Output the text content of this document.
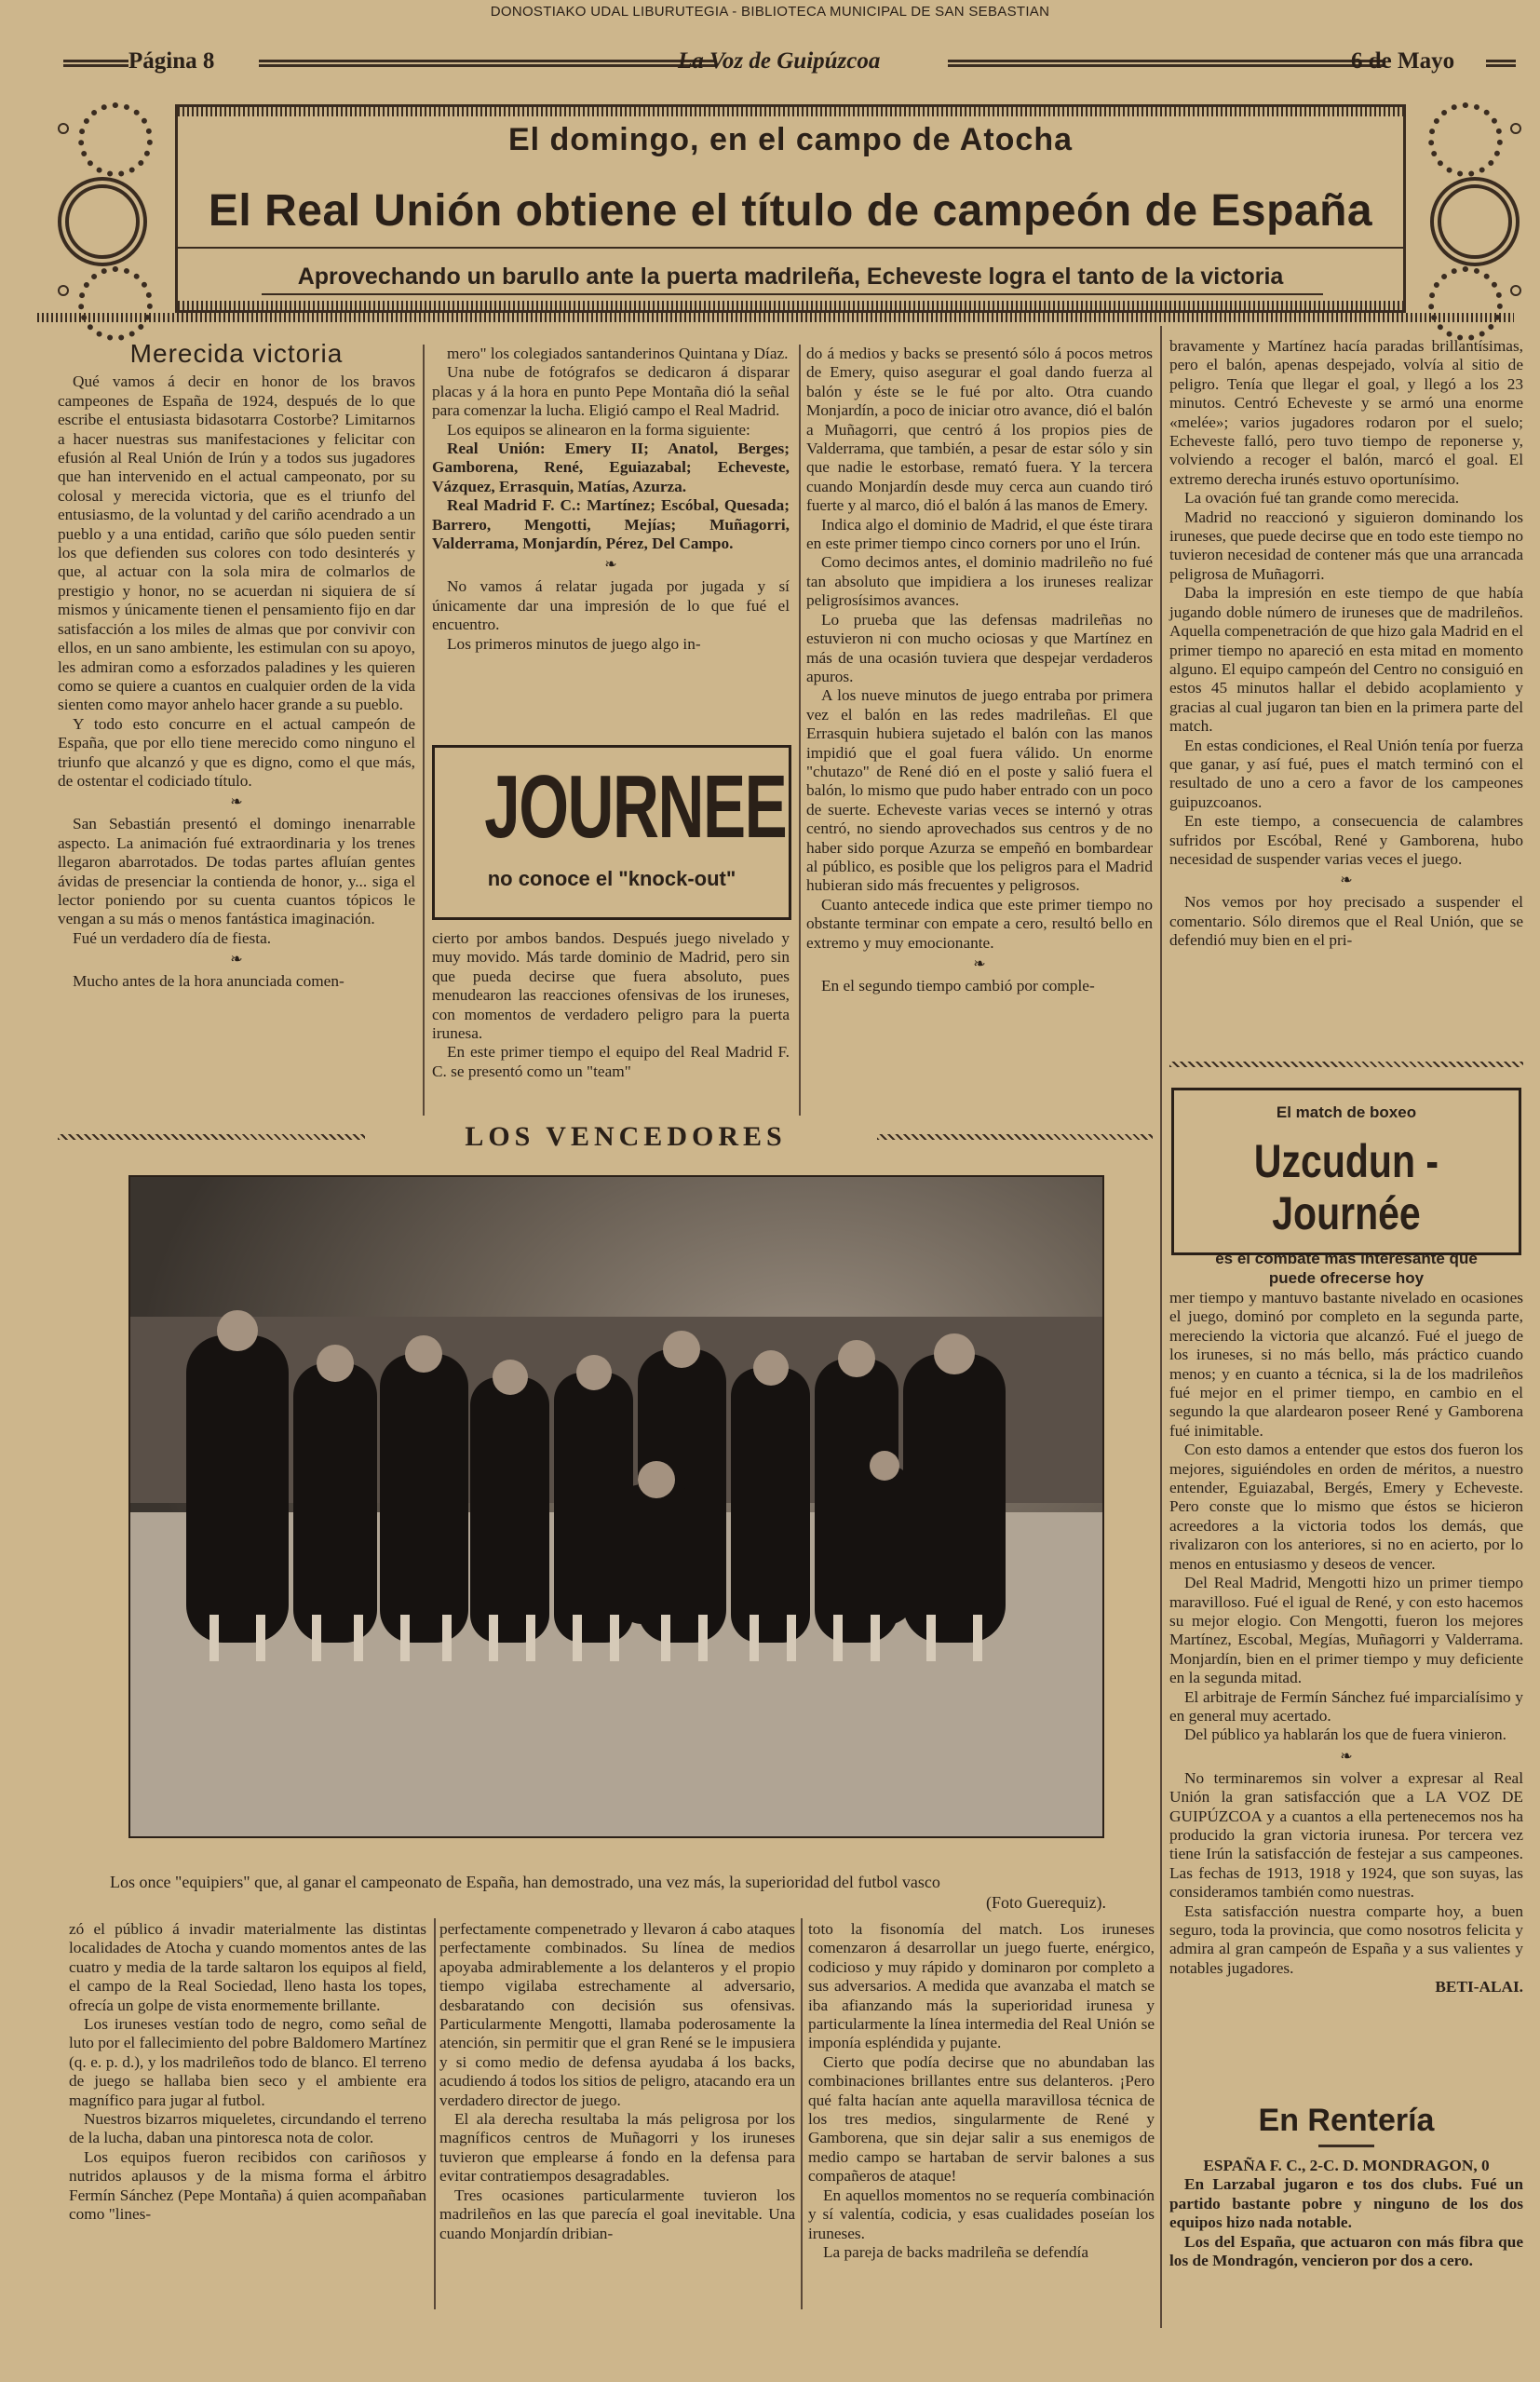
DONOSTIAKO UDAL LIBURUTEGIA - BIBLIOTECA MUNICIPAL DE SAN SEBASTIAN
Página 8	La Voz de Guipúzcoa	6 de Mayo
El domingo, en el campo de Atocha
El Real Unión obtiene el título de campeón de España
Aprovechando un barullo ante la puerta madrileña, Echeveste logra el tanto de la victoria
Merecida victoria

Qué vamos á decir en honor de los bravos campeones de España de 1924, después de lo que escribe el entusiasta bidasotarra Costorbe? Limitarnos a hacer nuestras sus manifestaciones y felicitar con efusión al Real Unión de Irún y a todos sus jugadores que han intervenido en el actual campeonato, por su colosal y merecida victoria, que es el triunfo del entusiasmo, de la voluntad y del cariño acendrado a un pueblo y a una entidad, cariño que sólo pueden sentir los que defienden sus colores con todo desinterés y que, al actuar con la sola mira de colmarlos de prestigio y honor, no se acuerdan ni siquiera de sí mismos y únicamente tienen el pensamiento fijo en dar satisfacción a los miles de almas que por convivir con ellos, en un sano ambiente, les estimulan con su apoyo, les admiran como a esforzados paladines y les quieren como se quiere a cuantos en cualquier orden de la vida sienten como mayor anhelo hacer grande a su pueblo.

Y todo esto concurre en el actual campeón de España, que por ello tiene merecido como ninguno el triunfo que alcanzó y que es digno, como el que más, de ostentar el codiciado título.

❧

San Sebastián presentó el domingo inenarrable aspecto. La animación fué extraordinaria y los trenes llegaron abarrotados. De todas partes afluían gentes ávidas de presenciar la contienda de honor, y... siga el lector poniendo por su cuenta cuantos tópicos le vengan a su más o menos fantástica imaginación.

Fué un verdadero día de fiesta.

❧

Mucho antes de la hora anunciada comen-

mero" los colegiados santanderinos Quintana y Díaz.

Una nube de fotógrafos se dedicaron á disparar placas y á la hora en punto Pepe Montaña dió la señal para comenzar la lucha. Eligió campo el Real Madrid.

Los equipos se alinearon en la forma siguiente:

Real Unión: Emery II; Anatol, Berges; Gamborena, René, Eguiazabal; Echeveste, Vázquez, Errasquin, Matías, Azurza.

Real Madrid F. C.: Martínez; Escóbal, Quesada; Barrero, Mengotti, Mejías; Muñagorri, Valderrama, Monjardín, Pérez, Del Campo.

❧

No vamos á relatar jugada por jugada y sí únicamente dar una impresión de lo que fué el encuentro.

Los primeros minutos de juego algo in-

JOURNEE
no conoce el "knock-out"

cierto por ambos bandos. Después juego nivelado y muy movido. Más tarde dominio de Madrid, pero sin que pueda decirse que fuera absoluto, pues menudearon las reacciones ofensivas de los iruneses, con momentos de verdadero peligro para la puerta irunesa.

En este primer tiempo el equipo del Real Madrid F. C. se presentó como un "team"

do á medios y backs se presentó sólo á pocos metros de Emery, quiso asegurar el goal dando fuerza al balón y éste se le fué por alto. Otra cuando Monjardín, a poco de iniciar otro avance, dió el balón a Muñagorri, que centró á los propios pies de Valderrama, que también, a pesar de estar sólo y sin que nadie le estorbase, remató fuera. Y la tercera cuando Monjardín desde muy cerca aun cuando tiró fuerte y al marco, dió el balón á las manos de Emery.

Indica algo el dominio de Madrid, el que éste tirara en este primer tiempo cinco corners por uno el Irún.

Como decimos antes, el dominio madrileño no fué tan absoluto que impidiera a los iruneses realizar peligrosísimos avances.

Lo prueba que las defensas madrileñas no estuvieron ni con mucho ociosas y que Martínez en más de una ocasión tuviera que despejar verdaderos apuros.

A los nueve minutos de juego entraba por primera vez el balón en las redes madrileñas. El que Errasquin hubiera sujetado el balón con las manos impidió que el goal fuera válido. Un enorme "chutazo" de René dió en el poste y salió fuera el balón, lo mismo que pudo haber entrado con un poco de suerte. Echeveste varias veces se internó y otras centró, no siendo aprovechados sus centros y de no haber sido porque Azurza se empeñó en bombardear al público, es posible que los peligros para el Madrid hubieran sido más frecuentes y peligrosos.

Cuanto antecede indica que este primer tiempo no obstante terminar con empate a cero, resultó bello en extremo y muy emocionante.

❧

En el segundo tiempo cambió por comple-

bravamente y Martínez hacía paradas brillantísimas, pero el balón, apenas despejado, volvía al sitio de peligro. Tenía que llegar el goal, y llegó a los 23 minutos. Centró Echeveste y se armó una enorme «melée»; varios jugadores rodaron por el suelo; Echeveste falló, pero tuvo tiempo de reponerse y, volviendo a recoger el balón, marcó el goal. El extremo derecha irunés estuvo oportunísimo.

La ovación fué tan grande como merecida.

Madrid no reaccionó y siguieron dominando los iruneses, que puede decirse que en todo este tiempo no tuvieron necesidad de contener más que una arrancada peligrosa de Muñagorri.

Daba la impresión en este tiempo de que había jugando doble número de iruneses que de madrileños. Aquella compenetración de que hizo gala Madrid en el primer tiempo no apareció en esta mitad en momento alguno. El equipo campeón del Centro no consiguió en estos 45 minutos hallar el debido acoplamiento y gracias al cual jugaron tan bien en la primera parte del match.

En estas condiciones, el Real Unión tenía por fuerza que ganar, y así fué, pues el match terminó con el resultado de uno a cero a favor de los campeones guipuzcoanos.

En este tiempo, a consecuencia de calambres sufridos por Escóbal, René y Gamborena, hubo necesidad de suspender varias veces el juego.

❧

Nos vemos por hoy precisado a suspender el comentario. Sólo diremos que el Real Unión, que se defendió muy bien en el pri-

El match de boxeo
Uzcudun - Journée
es el combate más interesante que puede ofrecerse hoy

mer tiempo y mantuvo bastante nivelado en ocasiones el juego, dominó por completo en la segunda parte, mereciendo la victoria que alcanzó. Fué el juego de los iruneses, si no más bello, más práctico cuando menos; y en cuanto a técnica, si la de los madrileños fué mejor en el primer tiempo, en cambio en el segundo la que alardearon poseer René y Gamborena fué inimitable.

Con esto damos a entender que estos dos fueron los mejores, siguiéndoles en orden de méritos, a nuestro entender, Eguiazabal, Bergés, Emery y Echeveste. Pero conste que lo mismo que éstos se hicieron acreedores a la victoria todos los demás, que rivalizaron con los anteriores, si no en acierto, por lo menos en entusiasmo y deseos de vencer.

Del Real Madrid, Mengotti hizo un primer tiempo maravilloso. Fué el igual de René, y con esto hacemos su mejor elogio. Con Mengotti, fueron los mejores Martínez, Escobal, Megías, Muñagorri y Valderrama. Monjardín, bien en el primer tiempo y muy deficiente en la segunda mitad.

El arbitraje de Fermín Sánchez fué imparcialísimo y en general muy acertado.

Del público ya hablarán los que de fuera vinieron.

❧

No terminaremos sin volver a expresar al Real Unión la gran satisfacción que a LA VOZ DE GUIPÚZCOA y a cuantos a ella pertenecemos nos ha producido la gran victoria irunesa. Por tercera vez tiene Irún la satisfacción de festejar a sus campeones. Las fechas de 1913, 1918 y 1924, que son suyas, las consideramos también como nuestras.

Esta satisfacción nuestra comparte hoy, a buen seguro, toda la provincia, que como nosotros felicita y admira al gran campeón de España y a sus valientes y notables jugadores.

BETI-ALAI.
En Rentería
ESPAÑA F. C., 2-C. D. MONDRAGON, 0

En Larzabal jugaron e tos dos clubs. Fué un partido bastante pobre y ninguno de los dos equipos hizo nada notable.

Los del España, que actuaron con más fibra que los de Mondragón, vencieron por dos a cero.

LOS VENCEDORES
Los once "equipiers" que, al ganar el campeonato de España, han demostrado, una vez más, la superioridad del futbol vasco
(Foto Guerequiz).

zó el público á invadir materialmente las distintas localidades de Atocha y cuando momentos antes de las cuatro y media de la tarde saltaron los equipos al field, el campo de la Real Sociedad, lleno hasta los topes, ofrecía un golpe de vista enormemente brillante.

Los iruneses vestían todo de negro, como señal de luto por el fallecimiento del pobre Baldomero Martínez (q. e. p. d.), y los madrileños todo de blanco. El terreno de juego se hallaba bien seco y el ambiente era magnífico para jugar al futbol.

Nuestros bizarros miqueletes, circundando el terreno de la lucha, daban una pintoresca nota de color.

Los equipos fueron recibidos con cariñosos y nutridos aplausos y de la misma forma el árbitro Fermín Sánchez (Pepe Montaña) á quien acompañaban como "lines-

perfectamente compenetrado y llevaron á cabo ataques perfectamente combinados. Su línea de medios apoyaba admirablemente a los delanteros y el propio tiempo vigilaba estrechamente al adversario, desbaratando con decisión sus ofensivas. Particularmente Mengotti, llamaba poderosamente la atención, sin permitir que el gran René se le impusiera y si como medio de defensa ayudaba á los backs, acudiendo á todos los sitios de peligro, atacando era un verdadero director de juego.

El ala derecha resultaba la más peligrosa por los magníficos centros de Muñagorri y los iruneses tuvieron que emplearse á fondo en la defensa para evitar contratiempos desagradables.

Tres ocasiones particularmente tuvieron los madrileños en las que parecía el goal inevitable. Una cuando Monjardín dribian-

toto la fisonomía del match. Los iruneses comenzaron á desarrollar un juego fuerte, enérgico, codicioso y muy rápido y dominaron por completo a sus adversarios. A medida que avanzaba el match se iba afianzando más la superioridad irunesa y particularmente la línea intermedia del Real Unión se imponía espléndida y pujante.

Cierto que podía decirse que no abundaban las combinaciones brillantes entre sus delanteros. ¡Pero qué falta hacían ante aquella maravillosa técnica de los tres medios, singularmente de René y Gamborena, que sin dejar salir a sus enemigos de medio campo se hartaban de servir balones a sus compañeros de ataque!

En aquellos momentos no se requería combinación y sí valentía, codicia, y esas cualidades poseían los iruneses.

La pareja de backs madrileña se defendía
